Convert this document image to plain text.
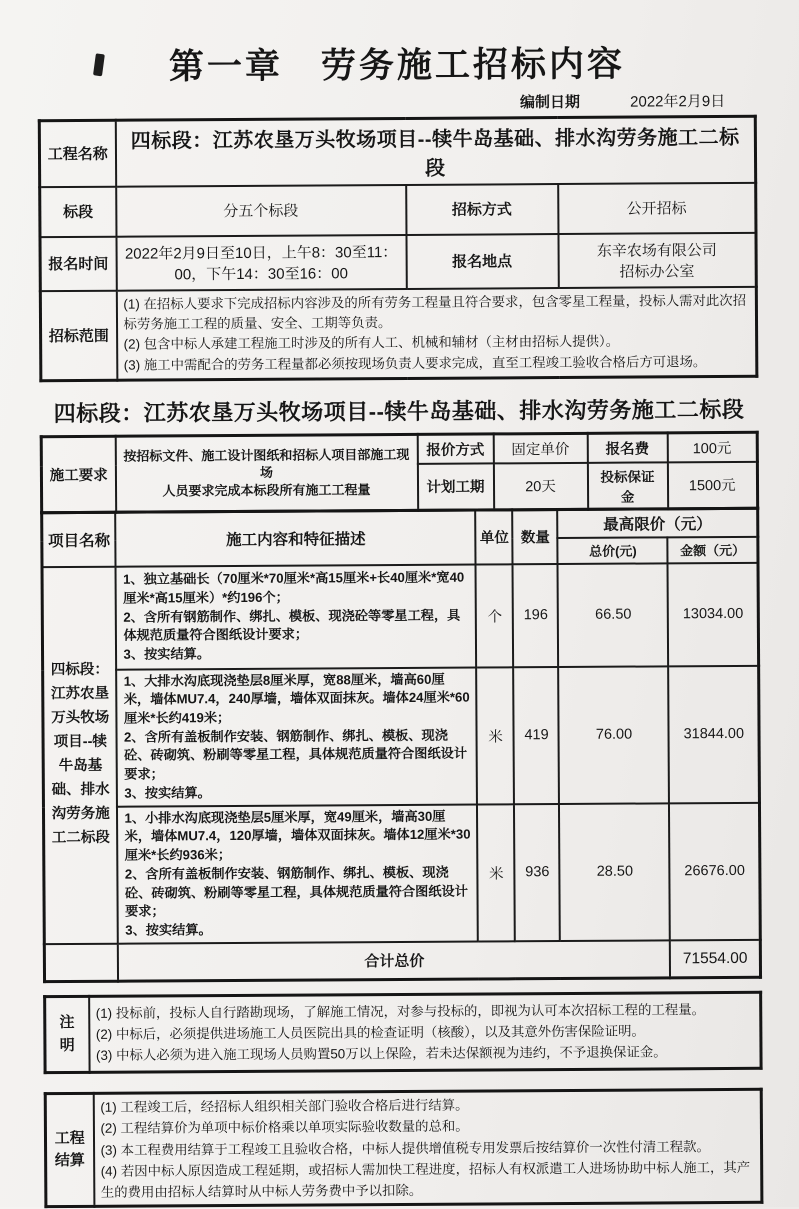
第一章　劳务施工招标内容
编制日期	2022年2月9日
工程名称	四标段：江苏农垦万头牧场项目--犊牛岛基础、排水沟劳务施工二标段		
标段	分五个标段	招标方式	公开招标
报名时间	2022年2月9日至10日，上午8：30至11：00，下午14：30至16：00	报名地点	东辛农场有限公司
招标办公室
招标范围	(1) 在招标人要求下完成招标内容涉及的所有劳务工程量且符合要求，包含零星工程量，投标人需对此次招标劳务施工工程的质量、安全、工期等负责。

(2) 包含中标人承建工程施工时涉及的所有人工、机械和辅材（主材由招标人提供）。

(3) 施工中需配合的劳务工程量都必须按现场负责人要求完成，直至工程竣工验收合格后方可退场。		

四标段：江苏农垦万头牧场项目--犊牛岛基础、排水沟劳务施工二标段
施工要求	按招标文件、施工设计图纸和招标人项目部施工现场
人员要求完成本标段所有施工工程量	报价方式	固定单价	报名费	100元
		计划工期	20天	投标保证金	1500元
项目名称	施工内容和特征描述	单位	数量	最高限价（元）	
				总价(元)	金额（元）
四标段：江苏农垦万头牧场项目--犊牛岛基础、排水沟劳务施工二标段	1、独立基础长（70厘米*70厘米*高15厘米+长40厘米*宽40厘米*高15厘米）*约196个；
2、含所有钢筋制作、绑扎、模板、现浇砼等零星工程，具体规范质量符合图纸设计要求；
3、按实结算。	个	196	66.50	13034.00
	1、大排水沟底现浇垫层8厘米厚，宽88厘米，墙高60厘米，墙体MU7.4，240厚墙，墙体双面抹灰。墙体24厘米*60厘米*长约419米；
2、含所有盖板制作安装、钢筋制作、绑扎、模板、现浇砼、砖砌筑、粉刷等零星工程，具体规范质量符合图纸设计要求；
3、按实结算。	米	419	76.00	31844.00
	1、小排水沟底现浇垫层5厘米厚，宽49厘米，墙高30厘米，墙体MU7.4，120厚墙，墙体双面抹灰。墙体12厘米*30厘米*长约936米；
2、含所有盖板制作安装、钢筋制作、绑扎、模板、现浇砼、砖砌筑、粉刷等零星工程，具体规范质量符合图纸设计要求；
3、按实结算。	米	936	28.50	26676.00
	合计总价				71554.00
注明	

(1) 投标前，投标人自行踏勘现场，了解施工情况，对参与投标的，即视为认可本次招标工程的工程量。

(2) 中标后，必须提供进场施工人员医院出具的检查证明（核酸），以及其意外伤害保险证明。

(3) 中标人必须为进入施工现场人员购置50万以上保险，若未达保额视为违约，不予退换保证金。

工程结算	

(1) 工程竣工后，经招标人组织相关部门验收合格后进行结算。

(2) 工程结算价为单项中标价格乘以单项实际验收数量的总和。

(3) 本工程费用结算于工程竣工且验收合格，中标人提供增值税专用发票后按结算价一次性付清工程款。

(4) 若因中标人原因造成工程延期，或招标人需加快工程进度，招标人有权派遣工人进场协助中标人施工，其产生的费用由招标人结算时从中标人劳务费中予以扣除。
